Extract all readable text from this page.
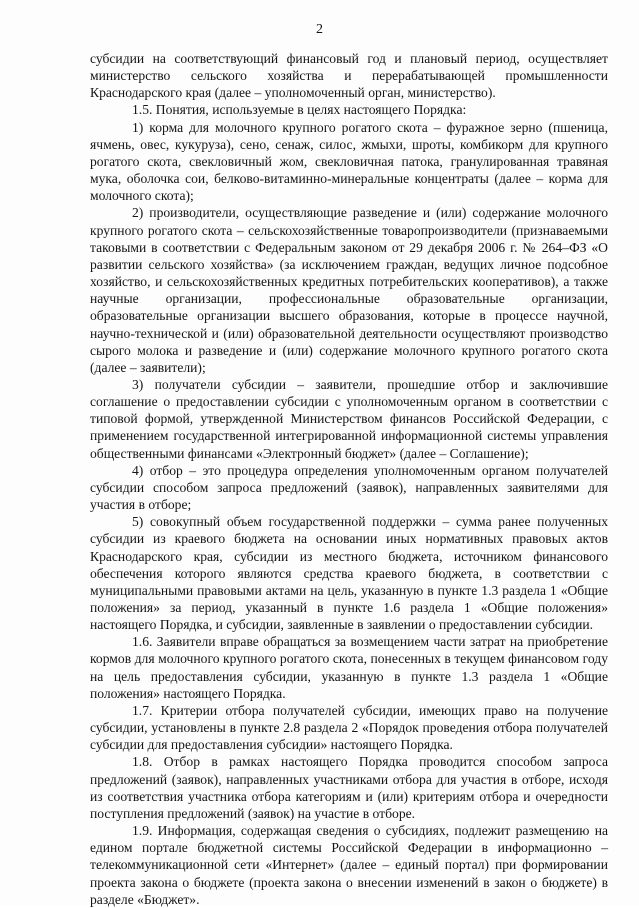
2

субсидии на соответствующий финансовый год и плановый период, осуществляет министерство сельского хозяйства и перерабатывающей промышленности Краснодарского края (далее – уполномоченный орган, министерство).

1.5. Понятия, используемые в целях настоящего Порядка:

1) корма для молочного крупного рогатого скота – фуражное зерно (пшеница, ячмень, овес, кукуруза), сено, сенаж, силос, жмыхи, шроты, комбикорм для крупного рогатого скота, свекловичный жом, свекловичная патока, гранулированная травяная мука, оболочка сои, белково-витаминно-минеральные концентраты (далее – корма для молочного скота);

2) производители, осуществляющие разведение и (или) содержание молочного крупного рогатого скота – сельскохозяйственные товаропроизводители (признаваемыми таковыми в соответствии с Федеральным законом от 29 декабря 2006 г. № 264–ФЗ «О развитии сельского хозяйства» (за исключением граждан, ведущих личное подсобное хозяйство, и сельскохозяйственных кредитных потребительских кооперативов), а также научные организации, профессиональные образовательные организации, образовательные организации высшего образования, которые в процессе научной, научно-технической и (или) образовательной деятельности осуществляют производство сырого молока и разведение и (или) содержание молочного крупного рогатого скота (далее – заявители);

3) получатели субсидии – заявители, прошедшие отбор и заключившие соглашение о предоставлении субсидии с уполномоченным органом в соответствии с типовой формой, утвержденной Министерством финансов Российской Федерации, с применением государственной интегрированной информационной системы управления общественными финансами «Электронный бюджет» (далее – Соглашение);

4) отбор – это процедура определения уполномоченным органом получателей субсидии способом запроса предложений (заявок), направленных заявителями для участия в отборе;

5) совокупный объем государственной поддержки – сумма ранее полученных субсидии из краевого бюджета на основании иных нормативных правовых актов Краснодарского края, субсидии из местного бюджета, источником финансового обеспечения которого являются средства краевого бюджета, в соответствии с муниципальными правовыми актами на цель, указанную в пункте 1.3 раздела 1 «Общие положения» за период, указанный в пункте 1.6 раздела 1 «Общие положения» настоящего Порядка, и субсидии, заявленные в заявлении о предоставлении субсидии.

1.6. Заявители вправе обращаться за возмещением части затрат на приобретение кормов для молочного крупного рогатого скота, понесенных в текущем финансовом году на цель предоставления субсидии, указанную в пункте 1.3 раздела 1 «Общие положения» настоящего Порядка.

1.7. Критерии отбора получателей субсидии, имеющих право на получение субсидии, установлены в пункте 2.8 раздела 2 «Порядок проведения отбора получателей субсидии для предоставления субсидии» настоящего Порядка.

1.8. Отбор в рамках настоящего Порядка проводится способом запроса предложений (заявок), направленных участниками отбора для участия в отборе, исходя из соответствия участника отбора категориям и (или) критериям отбора и очередности поступления предложений (заявок) на участие в отборе.

1.9. Информация, содержащая сведения о субсидиях, подлежит размещению на едином портале бюджетной системы Российской Федерации в информационно – телекоммуникационной сети «Интернет» (далее – единый портал) при формировании проекта закона о бюджете (проекта закона о внесении изменений в закон о бюджете) в разделе «Бюджет».
